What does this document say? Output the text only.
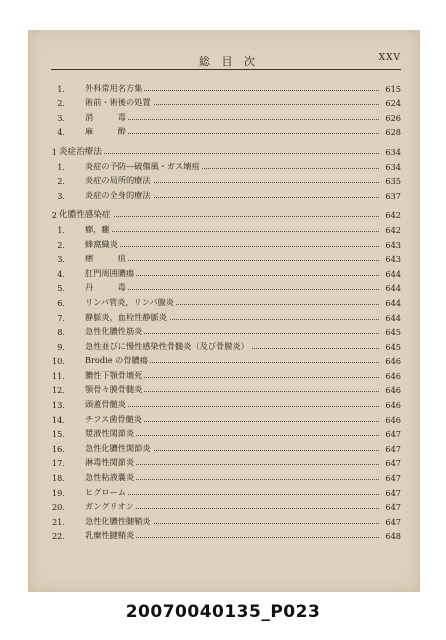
総 目 次	XXV
1. 外科常用名方集	615
2. 術前・術後の処置	624
3. 消　　　毒	626
4. 麻　　　酔	628
1 炎症治療法	634
1. 炎症の予防―破傷風・ガス壊疽	634
2. 炎症の局所的療法	635
3. 炎症の全身的療法	637
2 化膿性感染症	642
1. 癤，癰	642
2. 蜂窩織炎	643
3. 瘭　　　疽	643
4. 肛門周囲膿瘍	644
5. 丹　　　毒	644
6. リンパ管炎，リンパ腺炎	644
7. 静脈炎，血栓性静脈炎	644
8. 急性化膿性筋炎	645
9. 急性並びに慢性感染性骨髄炎（及び骨膜炎）	645
10. Brodie の骨膿瘍	646
11. 膿性下顎骨壊死	646
12. 顎骨々膜骨髄炎	646
13. 頭蓋骨髄炎	646
14. チフス菌骨髄炎	646
15. 漿液性関節炎	647
16. 急性化膿性関節炎	647
17. 淋毒性関節炎	647
18. 急性粘液嚢炎	647
19. ヒグローム	647
20. ガングリオン	647
21. 急性化膿性腱鞘炎	647
22. 乳糜性腱鞘炎	648
20070040135_P023
